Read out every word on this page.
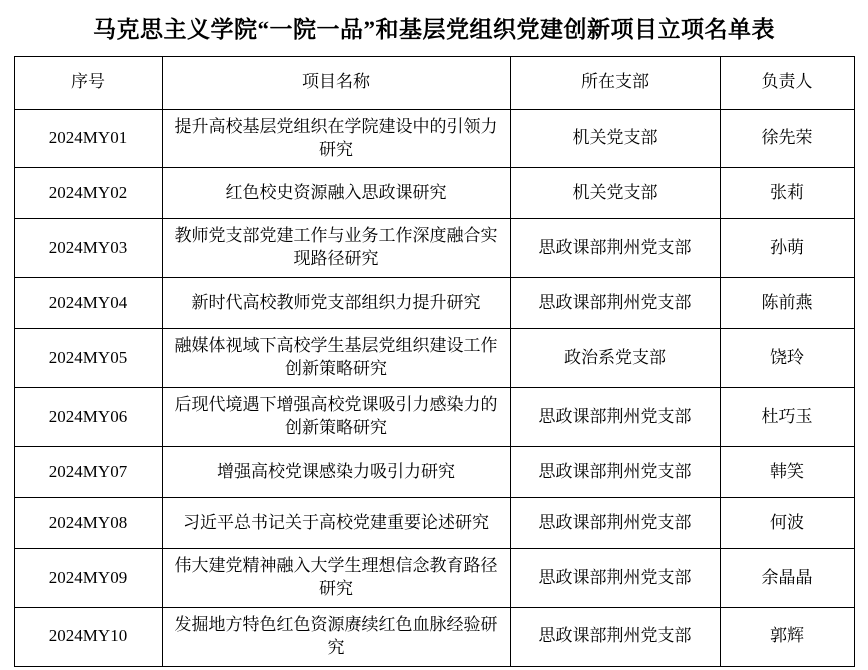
马克思主义学院“一院一品”和基层党组织党建创新项目立项名单表
序号	项目名称	所在支部	负责人
2024MY01	提升高校基层党组织在学院建设中的引领力研究	机关党支部	徐先荣
2024MY02	红色校史资源融入思政课研究	机关党支部	张莉
2024MY03	教师党支部党建工作与业务工作深度融合实现路径研究	思政课部荆州党支部	孙萌
2024MY04	新时代高校教师党支部组织力提升研究	思政课部荆州党支部	陈前燕
2024MY05	融媒体视域下高校学生基层党组织建设工作创新策略研究	政治系党支部	饶玲
2024MY06	后现代境遇下增强高校党课吸引力感染力的创新策略研究	思政课部荆州党支部	杜巧玉
2024MY07	增强高校党课感染力吸引力研究	思政课部荆州党支部	韩笑
2024MY08	习近平总书记关于高校党建重要论述研究	思政课部荆州党支部	何波
2024MY09	伟大建党精神融入大学生理想信念教育路径研究	思政课部荆州党支部	余晶晶
2024MY10	发掘地方特色红色资源赓续红色血脉经验研究	思政课部荆州党支部	郭辉
